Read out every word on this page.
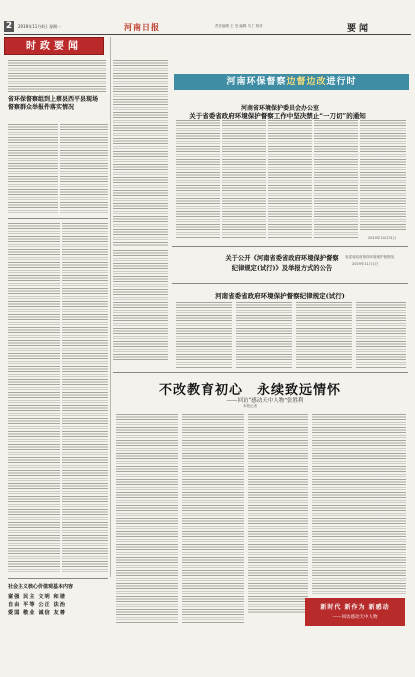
2	2019年11月4日 星期一	河南日报	责任编辑 王 莹 编辑 马丁 校对	要闻
时政要闻
省环保督察组到上蔡县西平县现场督察群众举报件落实情况
河南环保督察边督边改进行时
河南省环境保护委员会办公室
关于省委省政府环境保护督察工作中坚决禁止“一刀切”的通知
2019年10月31日
关于公开《河南省委省政府环境保护督察
纪律规定(试行)》及举报方式的公告
省委省政府第四环境保护督察组
2019年11月1日
河南省委省政府环境保护督察纪律规定(试行)
不改教育初心　永续致远情怀
——回访“感动天中人物”张胜利
本报记者
社会主义核心价值观基本内容
富强 民主 文明 和谐
自由 平等 公正 法治
爱国 敬业 诚信 友善
新时代 新作为 新感动
——回访感动天中人物
